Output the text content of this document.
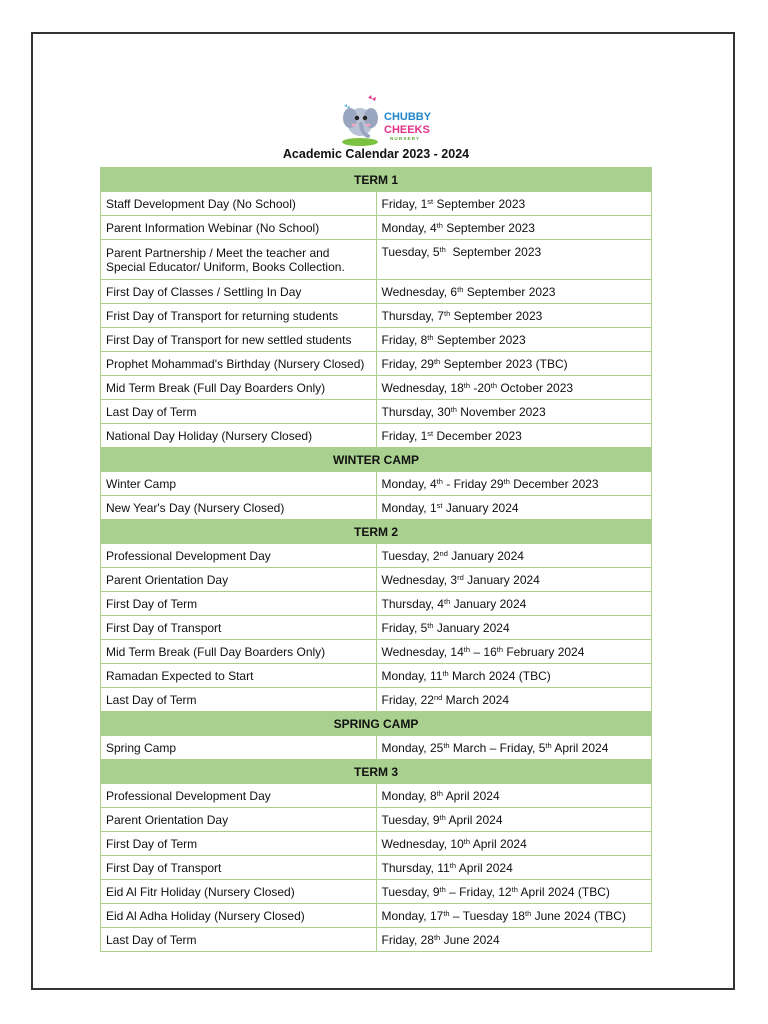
CHUBBY
CHEEKS
NURSERY
Academic Calendar 2023 - 2024
TERM 1	
Staff Development Day (No School)	Friday, 1st September 2023
Parent Information Webinar (No School)	Monday, 4th September 2023
Parent Partnership / Meet the teacher and Special Educator/ Uniform, Books Collection.	Tuesday, 5th  September 2023
First Day of Classes / Settling In Day	Wednesday, 6th September 2023
Frist Day of Transport for returning students	Thursday, 7th September 2023
First Day of Transport for new settled students	Friday, 8th September 2023
Prophet Mohammad's Birthday (Nursery Closed)	Friday, 29th September 2023 (TBC)
Mid Term Break (Full Day Boarders Only)	Wednesday, 18th -20th October 2023
Last Day of Term	Thursday, 30th November 2023
National Day Holiday (Nursery Closed)	Friday, 1st December 2023
WINTER CAMP	
Winter Camp	Monday, 4th - Friday 29th December 2023
New Year's Day (Nursery Closed)	Monday, 1st January 2024
TERM 2	
Professional Development Day	Tuesday, 2nd January 2024
Parent Orientation Day	Wednesday, 3rd January 2024
First Day of Term	Thursday, 4th January 2024
First Day of Transport	Friday, 5th January 2024
Mid Term Break (Full Day Boarders Only)	Wednesday, 14th – 16th February 2024
Ramadan Expected to Start	Monday, 11th March 2024 (TBC)
Last Day of Term	Friday, 22nd March 2024
SPRING CAMP	
Spring Camp	Monday, 25th March – Friday, 5th April 2024
TERM 3	
Professional Development Day	Monday, 8th April 2024
Parent Orientation Day	Tuesday, 9th April 2024
First Day of Term	Wednesday, 10th April 2024
First Day of Transport	Thursday, 11th April 2024
Eid Al Fitr Holiday (Nursery Closed)	Tuesday, 9th – Friday, 12th April 2024 (TBC)
Eid Al Adha Holiday (Nursery Closed)	Monday, 17th – Tuesday 18th June 2024 (TBC)
Last Day of Term	Friday, 28th June 2024
